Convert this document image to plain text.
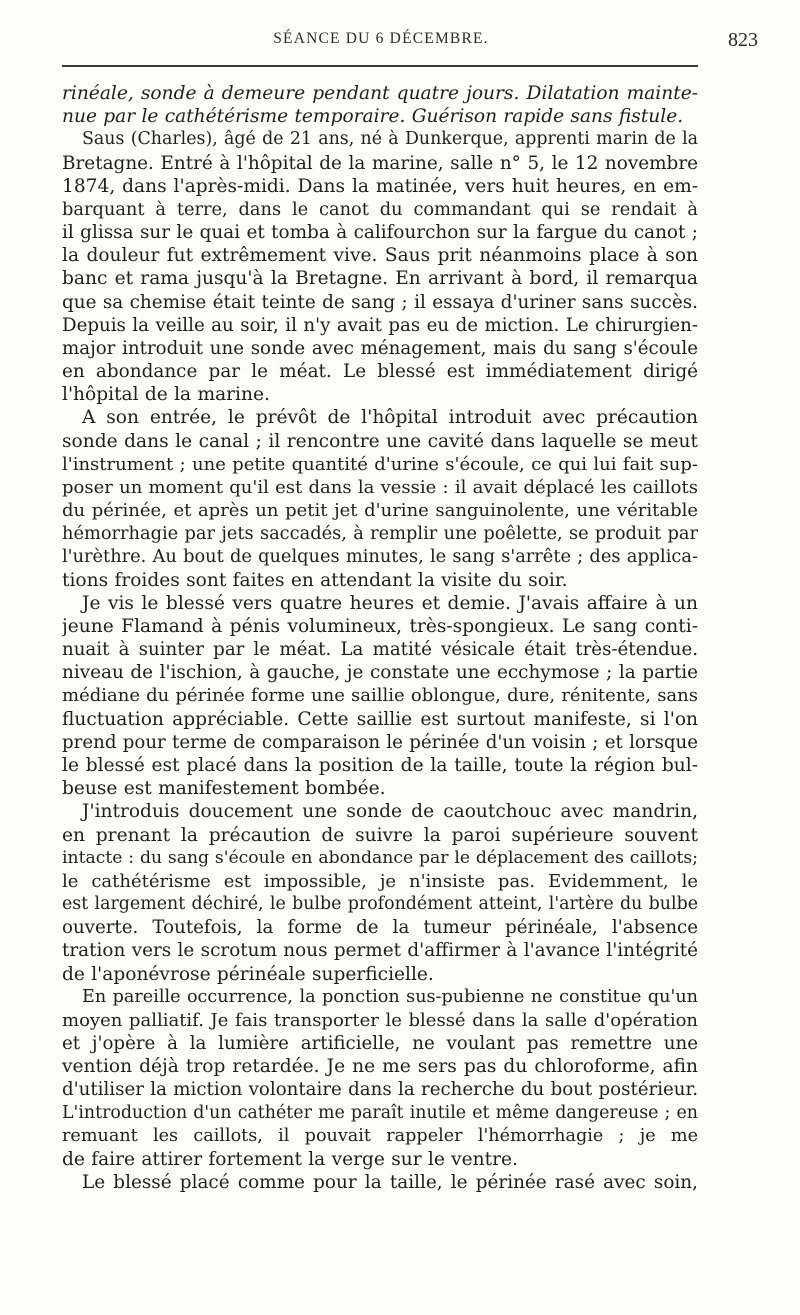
SÉANCE DU 6 DÉCEMBRE.	823
rinéale, sonde à demeure pendant quatre jours. Dilatation mainte-
nue par le cathétérisme temporaire. Guérison rapide sans fistule.
Saus (Charles), âgé de 21 ans, né à Dunkerque, apprenti marin de la
Bretagne. Entré à l'hôpital de la marine, salle n° 5, le 12 novembre
1874, dans l'après-midi. Dans la matinée, vers huit heures, en em-
barquant à terre, dans le canot du commandant qui se rendait à
il glissa sur le quai et tomba à califourchon sur la fargue du canot ;
la douleur fut extrêmement vive. Saus prit néanmoins place à son
banc et rama jusqu'à la Bretagne. En arrivant à bord, il remarqua
que sa chemise était teinte de sang ; il essaya d'uriner sans succès.
Depuis la veille au soir, il n'y avait pas eu de miction. Le chirurgien-
major introduit une sonde avec ménagement, mais du sang s'écoule
en abondance par le méat. Le blessé est immédiatement dirigé
l'hôpital de la marine.
A son entrée, le prévôt de l'hôpital introduit avec précaution
sonde dans le canal ; il rencontre une cavité dans laquelle se meut
l'instrument ; une petite quantité d'urine s'écoule, ce qui lui fait sup-
poser un moment qu'il est dans la vessie : il avait déplacé les caillots
du périnée, et après un petit jet d'urine sanguinolente, une véritable
hémorrhagie par jets saccadés, à remplir une poêlette, se produit par
l'urèthre. Au bout de quelques minutes, le sang s'arrête ; des applica-
tions froides sont faites en attendant la visite du soir.
Je vis le blessé vers quatre heures et demie. J'avais affaire à un
jeune Flamand à pénis volumineux, très-spongieux. Le sang conti-
nuait à suinter par le méat. La matité vésicale était très-étendue.
niveau de l'ischion, à gauche, je constate une ecchymose ; la partie
médiane du périnée forme une saillie oblongue, dure, rénitente, sans
fluctuation appréciable. Cette saillie est surtout manifeste, si l'on
prend pour terme de comparaison le périnée d'un voisin ; et lorsque
le blessé est placé dans la position de la taille, toute la région bul-
beuse est manifestement bombée.
J'introduis doucement une sonde de caoutchouc avec mandrin,
en prenant la précaution de suivre la paroi supérieure souvent
intacte : du sang s'écoule en abondance par le déplacement des caillots;
le cathétérisme est impossible, je n'insiste pas. Evidemment, le
est largement déchiré, le bulbe profondément atteint, l'artère du bulbe
ouverte. Toutefois, la forme de la tumeur périnéale, l'absence
tration vers le scrotum nous permet d'affirmer à l'avance l'intégrité
de l'aponévrose périnéale superficielle.
En pareille occurrence, la ponction sus-pubienne ne constitue qu'un
moyen palliatif. Je fais transporter le blessé dans la salle d'opération
et j'opère à la lumière artificielle, ne voulant pas remettre une
vention déjà trop retardée. Je ne me sers pas du chloroforme, afin
d'utiliser la miction volontaire dans la recherche du bout postérieur.
L'introduction d'un cathéter me paraît inutile et même dangereuse ; en
remuant les caillots, il pouvait rappeler l'hémorrhagie ; je me
de faire attirer fortement la verge sur le ventre.
Le blessé placé comme pour la taille, le périnée rasé avec soin,
